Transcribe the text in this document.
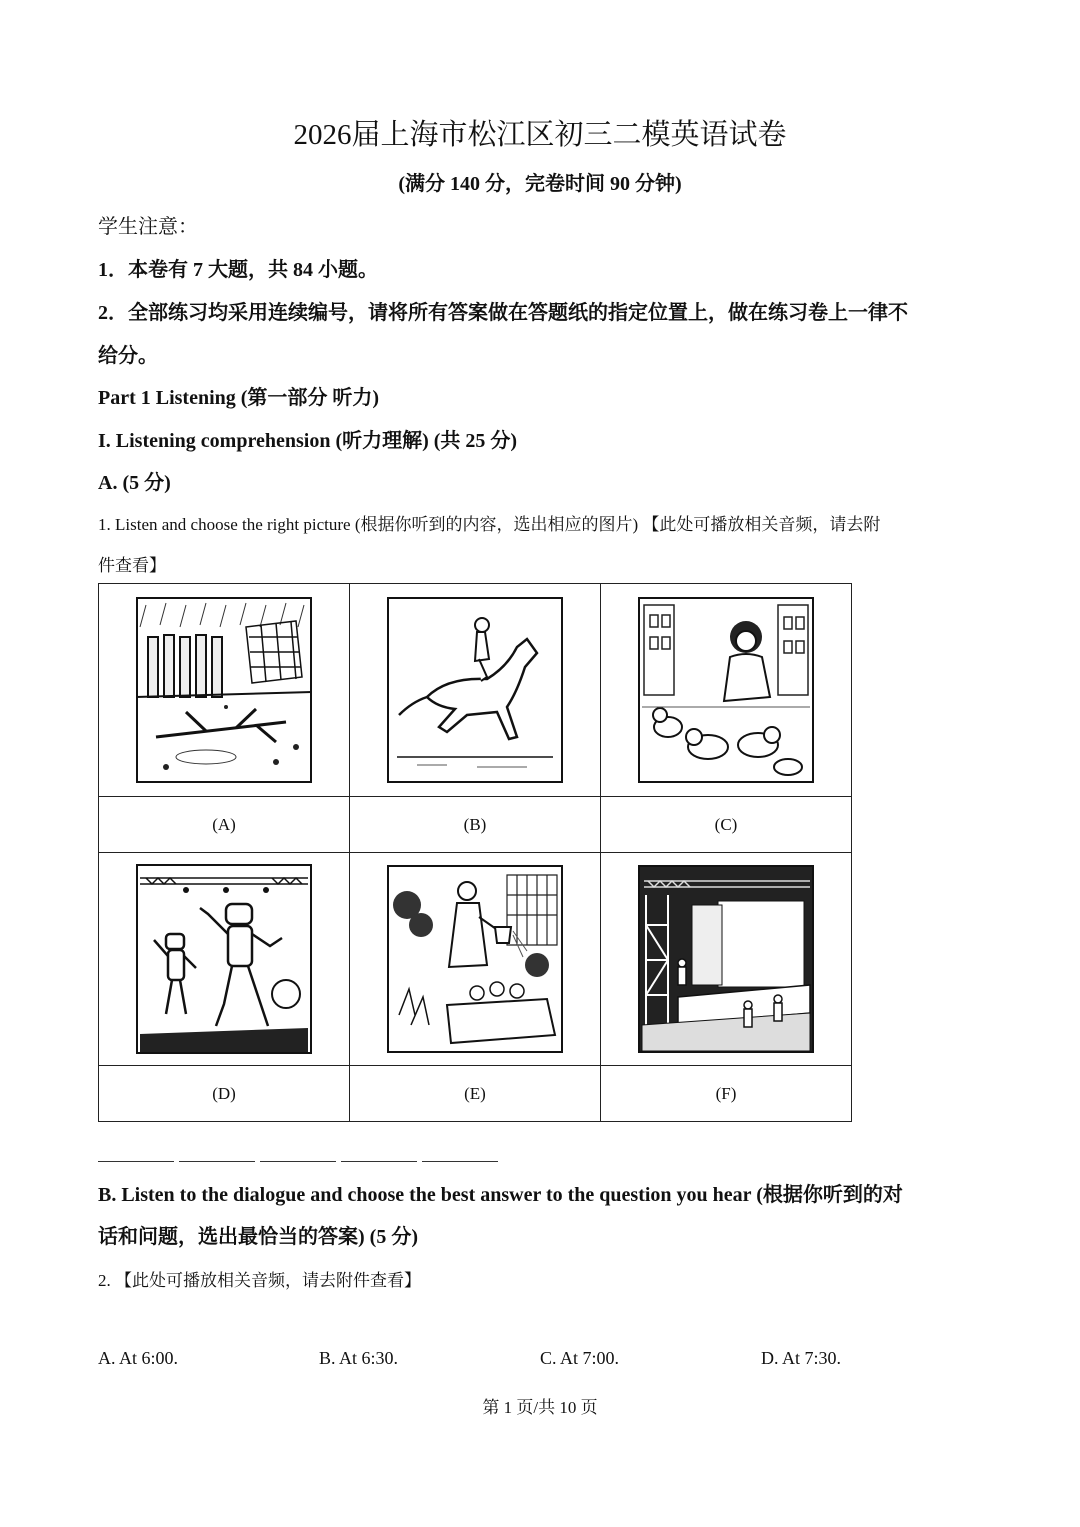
2026届上海市松江区初三二模英语试卷
(满分 140 分，完卷时间 90 分钟)
学生注意：
1．本卷有 7 大题，共 84 小题。
2．全部练习均采用连续编号，请将所有答案做在答题纸的指定位置上，做在练习卷上一律不
给分。
Part 1 Listening (第一部分 听力)
I. Listening comprehension (听力理解) (共 25 分)
A. (5 分)
1. Listen and choose the right picture (根据你听到的内容，选出相应的图片) 【此处可播放相关音频，请去附
件查看】

(A)	(B)	(C)

(D)	(E)	(F)
B. Listen to the dialogue and choose the best answer to the question you hear (根据你听到的对
话和问题，选出最恰当的答案) (5 分)
2. 【此处可播放相关音频，请去附件查看】
A. At 6:00.	B. At 6:30.	C. At 7:00.	D. At 7:30.
第 1 页/共 10 页
